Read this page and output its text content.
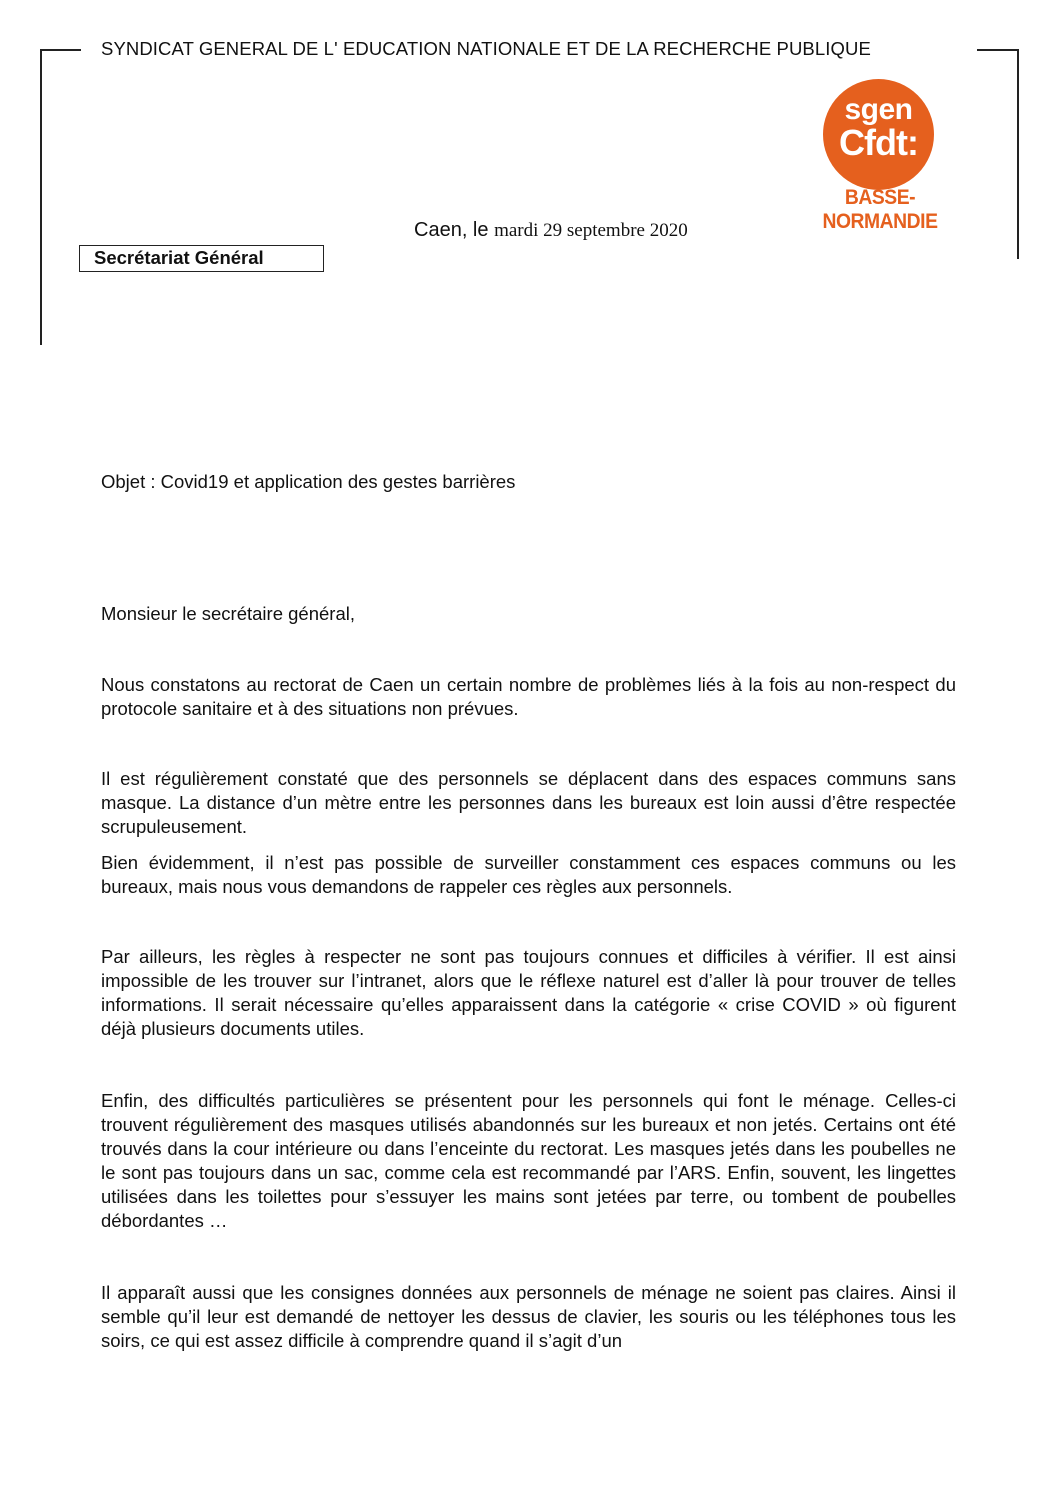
SYNDICAT GENERAL DE L' EDUCATION NATIONALE ET DE LA RECHERCHE PUBLIQUE
sgen
Cfdt:
BASSE-
NORMANDIE
Caen, le mardi 29 septembre 2020
Secrétariat Général
Objet : Covid19 et application des gestes barrières
Monsieur le secrétaire général,
Nous constatons au rectorat de Caen un certain nombre de problèmes liés à la fois au non-respect du protocole sanitaire et à des situations non prévues.
Il est régulièrement constaté que des personnels se déplacent dans des espaces communs sans masque. La distance d’un mètre entre les personnes dans les bureaux est loin aussi d’être respectée scrupuleusement.
Bien évidemment, il n’est pas possible de surveiller constamment ces espaces communs ou les bureaux, mais nous vous demandons de rappeler ces règles aux personnels.
Par ailleurs, les règles à respecter ne sont pas toujours connues et difficiles à vérifier. Il est ainsi impossible de les trouver sur l’intranet, alors que le réflexe naturel est d’aller là pour trouver de telles informations. Il serait nécessaire qu’elles apparaissent dans la catégorie « crise COVID » où figurent déjà plusieurs documents utiles.
Enfin, des difficultés particulières se présentent pour les personnels qui font le ménage. Celles-ci trouvent régulièrement des masques utilisés abandonnés sur les bureaux et non jetés. Certains ont été trouvés dans la cour intérieure ou dans l’enceinte du rectorat. Les masques jetés dans les poubelles ne le sont pas toujours dans un sac, comme cela est recommandé par l’ARS. Enfin, souvent, les lingettes utilisées dans les toilettes pour s’essuyer les mains sont jetées par terre, ou tombent de poubelles débordantes …
Il apparaît aussi que les consignes données aux personnels de ménage ne soient pas claires. Ainsi il semble qu’il leur est demandé de nettoyer les dessus de clavier, les souris ou les téléphones tous les soirs, ce qui est assez difficile à comprendre quand il s’agit d’un
